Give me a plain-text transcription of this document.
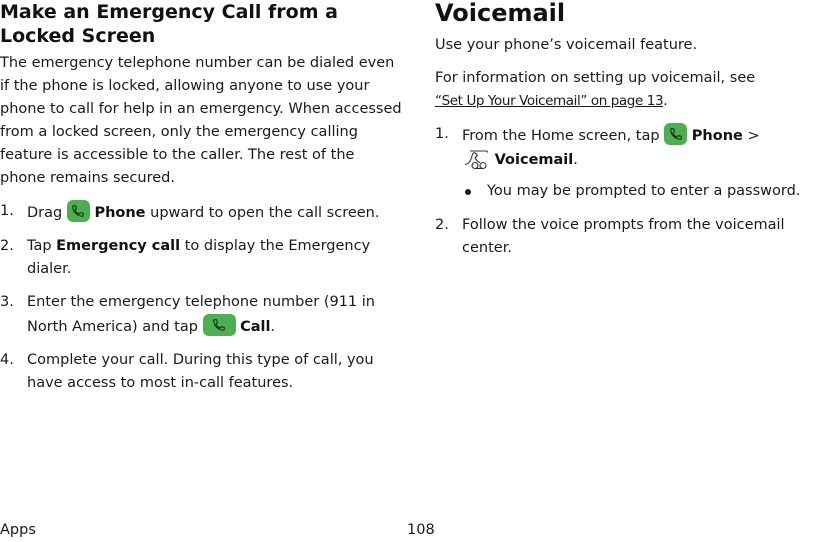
Make an Emergency Call from a
Locked Screen

The emergency telephone number can be dialed even if the phone is locked, allowing anyone to use your phone to call for help in an emergency. When accessed from a locked screen, only the emergency calling feature is accessible to the caller. The rest of the phone remains secured.

1. Drag Phone upward to open the call screen.
2. Tap Emergency call to display the Emergency dialer.
3. Enter the emergency telephone number (911 in North America) and tap	Call.
4. Complete your call. During this type of call, you have access to most in-call features.
Voicemail

Use your phone’s voicemail feature.

For information on setting up voicemail, see
“Set Up Your Voicemail” on page 13.

1. From the Home screen, tap Phone >
Voicemail.
You may be prompted to enter a password.
2. Follow the voice prompts from the voicemail center.
Apps	108
